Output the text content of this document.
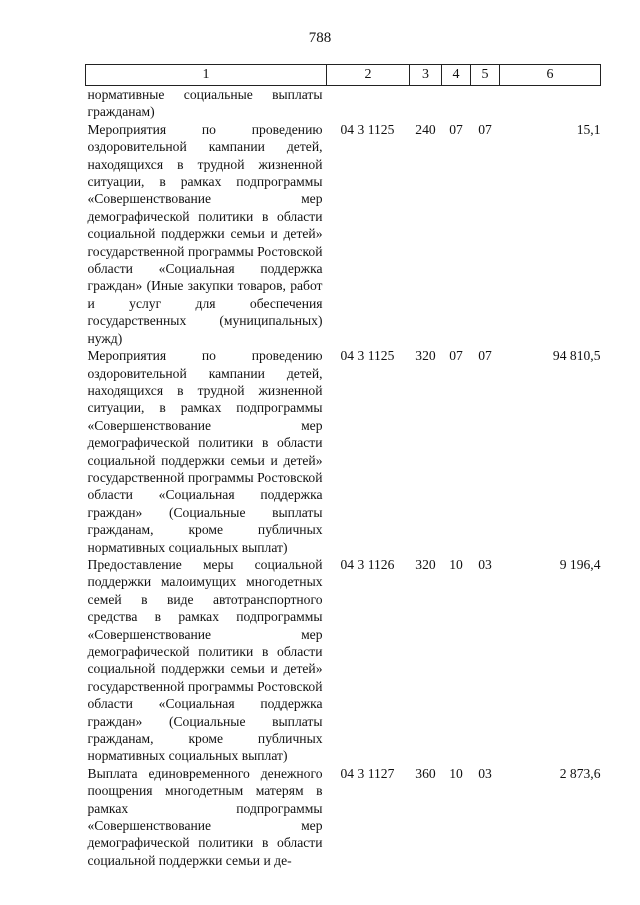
788
1	2	3	4	5	6
нормативные социальные выплаты гражданам)					
Мероприятия по проведению оздоровительной кампании детей, находящихся в трудной жизненной ситуации, в рамках подпрограммы «Совершенствование мер демографической политики в области социальной поддержки семьи и детей» государственной программы Ростовской области «Социальная поддержка граждан» (Иные закупки товаров, работ и услуг для обеспечения государственных (муниципальных) нужд)	04 3 1125	240	07	07	15,1
Мероприятия по проведению оздоровительной кампании детей, находящихся в трудной жизненной ситуации, в рамках подпрограммы «Совершенствование мер демографической политики в области социальной поддержки семьи и детей» государственной программы Ростовской области «Социальная поддержка граждан» (Социальные выплаты гражданам, кроме публичных нормативных социальных выплат)	04 3 1125	320	07	07	94 810,5
Предоставление меры социальной поддержки малоимущих многодетных семей в виде автотранспортного средства в рамках подпрограммы «Совершенствование мер демографической политики в области социальной поддержки семьи и детей» государственной программы Ростовской области «Социальная поддержка граждан» (Социальные выплаты гражданам, кроме публичных нормативных социальных выплат)	04 3 1126	320	10	03	9 196,4
Выплата единовременного денежного поощрения многодетным матерям в рамках подпрограммы «Совершенствование мер демографической политики в области социальной поддержки семьи и де-	04 3 1127	360	10	03	2 873,6
